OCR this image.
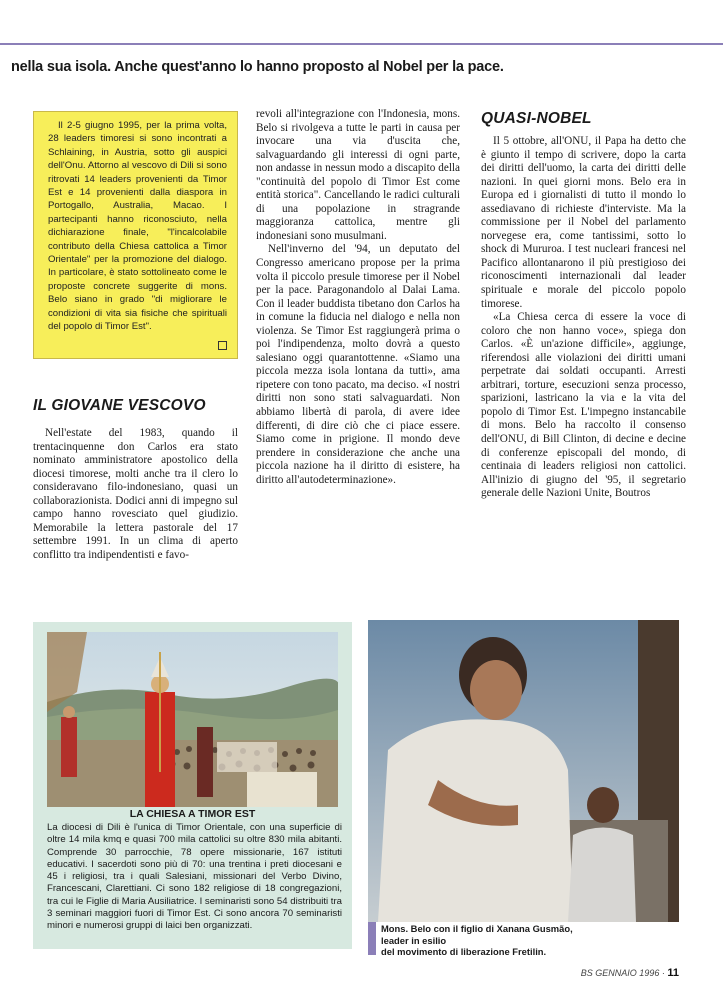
nella sua isola. Anche quest'anno lo hanno proposto al Nobel per la pace.

Il 2-5 giugno 1995, per la prima volta, 28 leaders timoresi si sono incontrati a Schlaining, in Austria, sotto gli auspici dell'Onu. Attorno al vescovo di Dili si sono ritrovati 14 leaders provenienti da Timor Est e 14 provenienti dalla diaspora in Portogallo, Australia, Macao. I partecipanti hanno riconosciuto, nella dichiarazione finale, "l'incalcolabile contributo della Chiesa cattolica a Timor Orientale" per la promozione del dialogo. In particolare, è stato sottolineato come le proposte concrete suggerite di mons. Belo siano in grado "di migliorare le condizioni di vita sia fisiche che spirituali del popolo di Timor Est".

IL GIOVANE VESCOVO

Nell'estate del 1983, quando il trentacinquenne don Carlos era stato nominato amministratore apostolico della diocesi timorese, molti anche tra il clero lo consideravano filo-indonesiano, quasi un collaborazionista. Dodici anni di impegno sul campo hanno rovesciato quel giudizio. Memorabile la lettera pastorale del 17 settembre 1991. In un clima di aperto conflitto tra indipendentisti e favo-

revoli all'integrazione con l'Indonesia, mons. Belo si rivolgeva a tutte le parti in causa per invocare una via d'uscita che, salvaguardando gli interessi di ogni parte, non andasse in nessun modo a discapito della "continuità del popolo di Timor Est come entità storica". Cancellando le radici culturali di una popolazione in stragrande maggioranza cattolica, mentre gli indonesiani sono musulmani.

Nell'inverno del '94, un deputato del Congresso americano propose per la prima volta il piccolo presule timorese per il Nobel per la pace. Paragonandolo al Dalai Lama. Con il leader buddista tibetano don Carlos ha in comune la fiducia nel dialogo e nella non violenza. Se Timor Est raggiungerà prima o poi l'indipendenza, molto dovrà a questo salesiano oggi quarantottenne. «Siamo una piccola mezza isola lontana da tutti», ama ripetere con tono pacato, ma deciso. «I nostri diritti non sono stati salvaguardati. Non abbiamo libertà di parola, di avere idee differenti, di dire ciò che ci piace essere. Siamo come in prigione. Il mondo deve prendere in considerazione che anche una piccola nazione ha il diritto di esistere, ha diritto all'autodeterminazione».

QUASI-NOBEL

Il 5 ottobre, all'ONU, il Papa ha detto che è giunto il tempo di scrivere, dopo la carta dei diritti dell'uomo, la carta dei diritti delle nazioni. In quei giorni mons. Belo era in Europa ed i giornalisti di tutto il mondo lo assediavano di richieste d'interviste. Ma la commissione per il Nobel del parlamento norvegese era, come tantissimi, sotto lo shock di Mururoa. I test nucleari francesi nel Pacifico allontanarono il più prestigioso dei riconoscimenti internazionali dal leader spirituale e morale del piccolo popolo timorese.

«La Chiesa cerca di essere la voce di coloro che non hanno voce», spiega don Carlos. «È un'azione difficile», aggiunge, riferendosi alle violazioni dei diritti umani perpetrate dai soldati occupanti. Arresti arbitrari, torture, esecuzioni senza processo, sparizioni, lastricano la via e la vita del popolo di Timor Est. L'impegno instancabile di mons. Belo ha raccolto il consenso dell'ONU, di Bill Clinton, di decine e decine di conferenze episcopali del mondo, di centinaia di leaders religiosi non cattolici. All'inizio di giugno del '95, il segretario generale delle Nazioni Unite, Boutros

LA CHIESA A TIMOR EST
La diocesi di Dili è l'unica di Timor Orientale, con una superficie di oltre 14 mila kmq e quasi 700 mila cattolici su oltre 830 mila abitanti. Comprende 30 parrocchie, 78 opere missionarie, 167 istituti educativi. I sacerdoti sono più di 70: una trentina i preti diocesani e 45 i religiosi, tra i quali Salesiani, missionari del Verbo Divino, Francescani, Clarettiani. Ci sono 182 religiose di 18 congregazioni, tra cui le Figlie di Maria Ausiliatrice. I seminaristi sono 54 distribuiti tra 3 seminari maggiori fuori di Timor Est. Ci sono ancora 70 seminaristi minori e numerosi gruppi di laici ben organizzati.	Mons. Belo con il figlio di Xanana Gusmão,
leader in esilio
del movimento di liberazione Fretilin.
BS GENNAIO 1996 · 11
